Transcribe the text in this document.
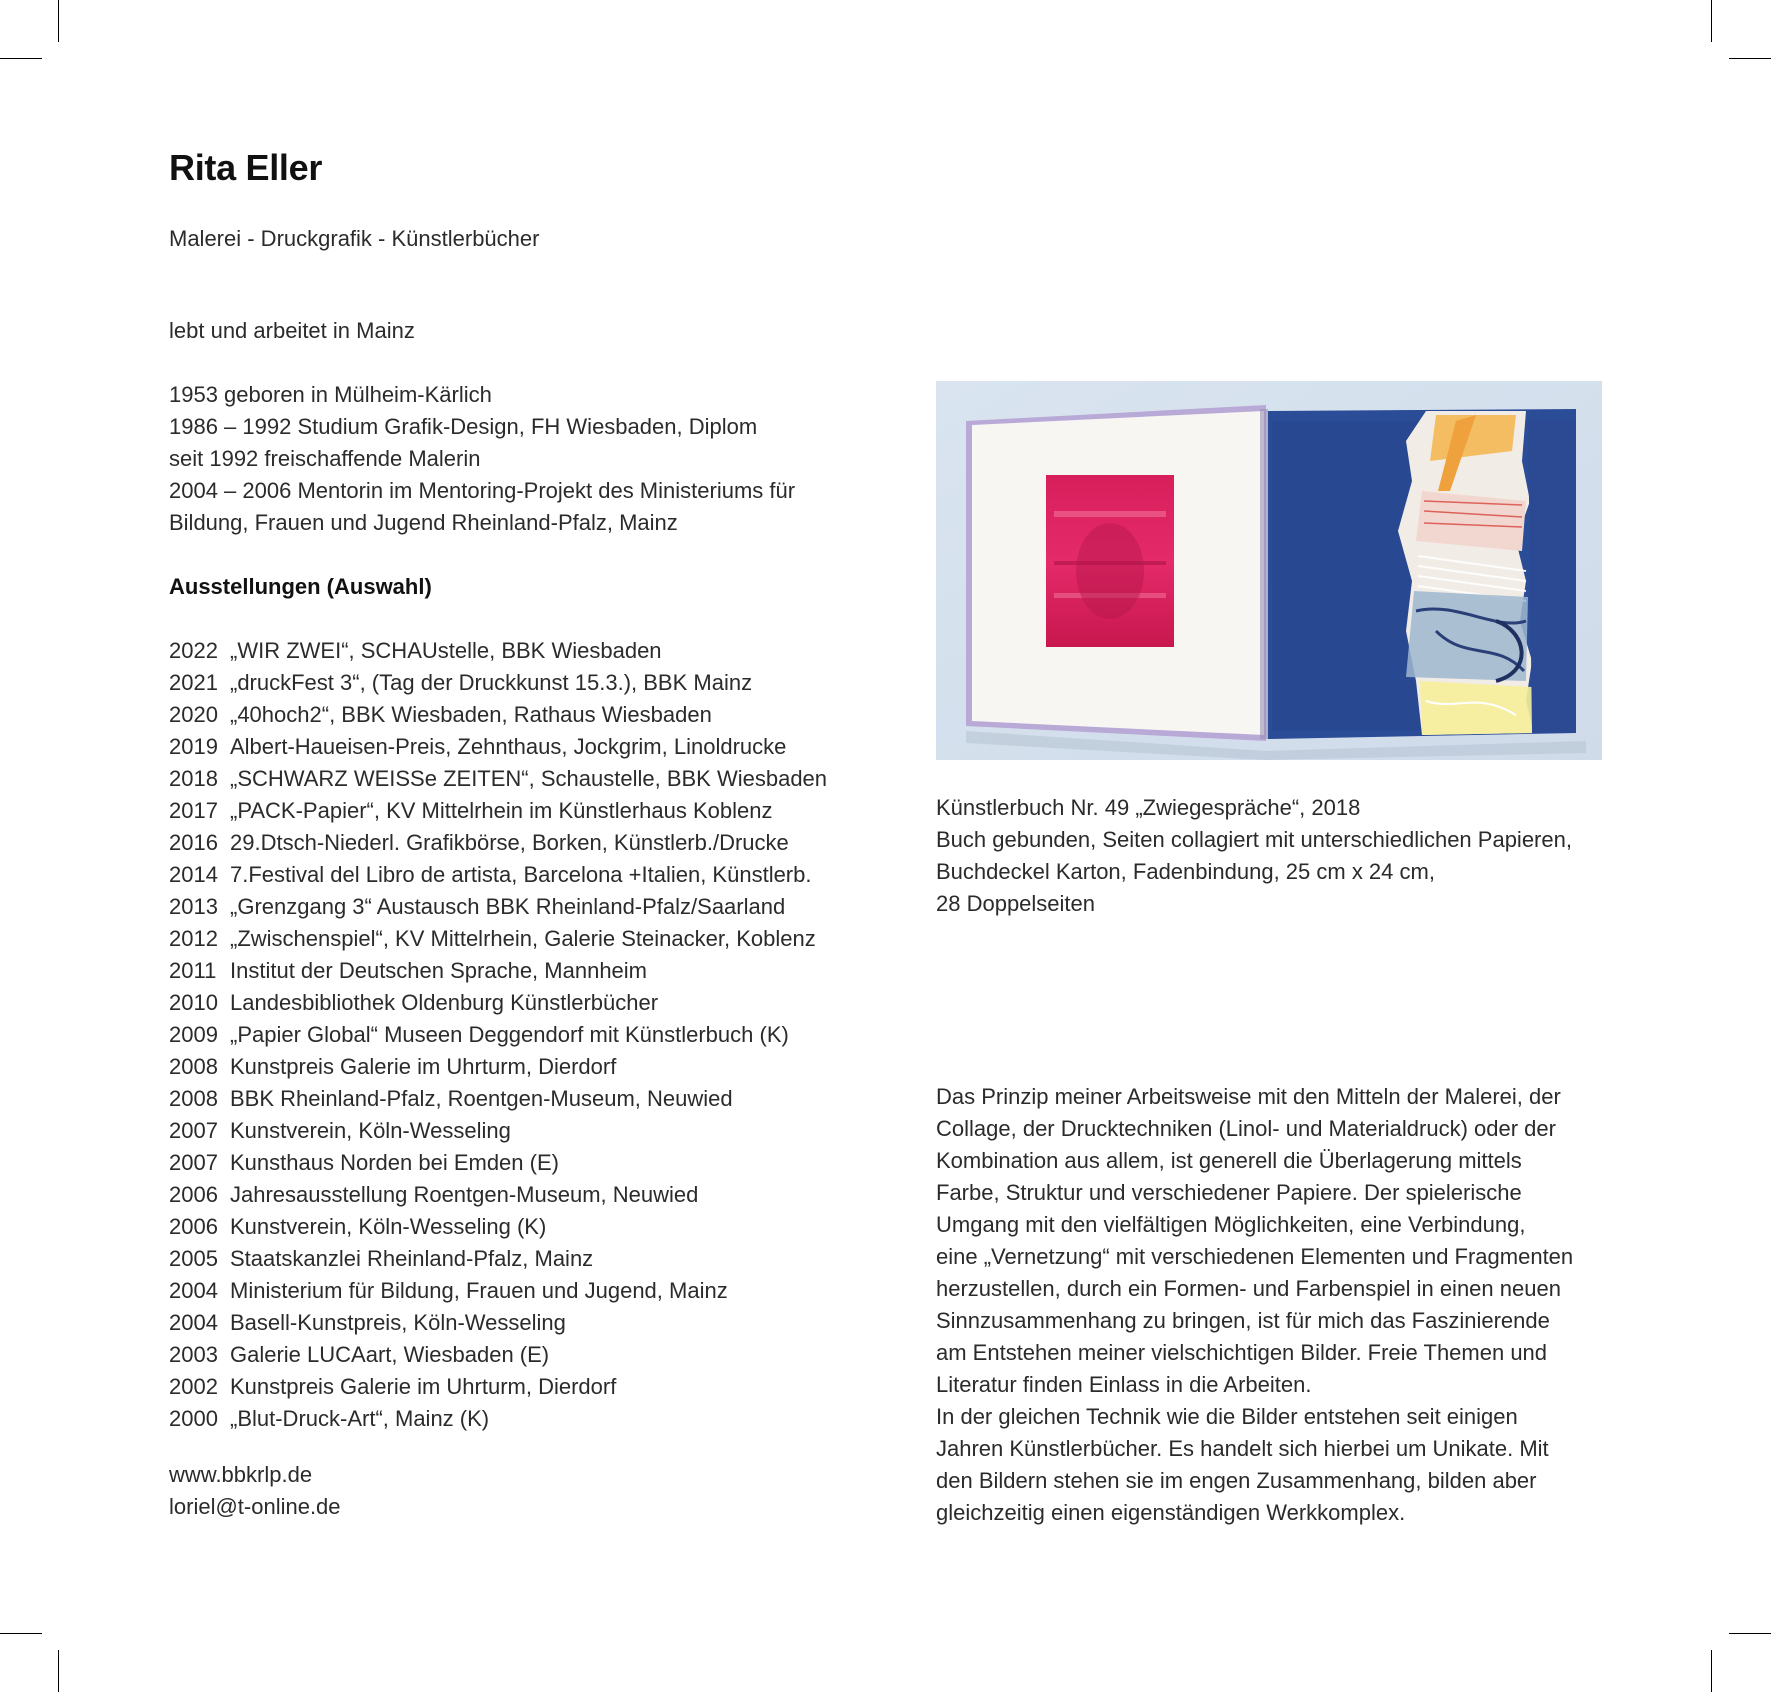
Rita Eller
Malerei - Druckgrafik - Künstlerbücher
lebt und arbeitet in Mainz
1953 geboren in Mülheim-Kärlich
1986 – 1992 Studium Grafik-Design, FH Wiesbaden, Diplom
seit 1992 freischaffende Malerin
2004 – 2006 Mentorin im Mentoring-Projekt des Ministeriums für
Bildung, Frauen und Jugend Rheinland-Pfalz, Mainz
Ausstellungen (Auswahl)
2022 „WIR ZWEI“, SCHAUstelle, BBK Wiesbaden
2021 „druckFest 3“, (Tag der Druckkunst 15.3.), BBK Mainz
2020 „40hoch2“, BBK Wiesbaden, Rathaus Wiesbaden
2019 Albert-Haueisen-Preis, Zehnthaus, Jockgrim, Linoldrucke
2018 „SCHWARZ WEISSe ZEITEN“, Schaustelle, BBK Wiesbaden
2017 „PACK-Papier“, KV Mittelrhein im Künstlerhaus Koblenz
2016 29.Dtsch-Niederl. Grafikbörse, Borken, Künstlerb./Drucke
2014 7.Festival del Libro de artista, Barcelona +Italien, Künstlerb.
2013 „Grenzgang 3“ Austausch BBK Rheinland-Pfalz/Saarland
2012 „Zwischenspiel“, KV Mittelrhein, Galerie Steinacker, Koblenz
2011 Institut der Deutschen Sprache, Mannheim
2010 Landesbibliothek Oldenburg Künstlerbücher
2009 „Papier Global“ Museen Deggendorf mit Künstlerbuch (K)
2008 Kunstpreis Galerie im Uhrturm, Dierdorf
2008 BBK Rheinland-Pfalz, Roentgen-Museum, Neuwied
2007 Kunstverein, Köln-Wesseling
2007 Kunsthaus Norden bei Emden (E)
2006 Jahresausstellung Roentgen-Museum, Neuwied
2006 Kunstverein, Köln-Wesseling (K)
2005 Staatskanzlei Rheinland-Pfalz, Mainz
2004 Ministerium für Bildung, Frauen und Jugend, Mainz
2004 Basell-Kunstpreis, Köln-Wesseling
2003 Galerie LUCAart, Wiesbaden (E)
2002 Kunstpreis Galerie im Uhrturm, Dierdorf
2000 „Blut-Druck-Art“, Mainz (K)
www.bbkrlp.de
loriel@t-online.de
Künstlerbuch Nr. 49 „Zwiegespräche“, 2018
Buch gebunden, Seiten collagiert mit unterschiedlichen Papieren,
Buchdeckel Karton, Fadenbindung, 25 cm x 24 cm,
28 Doppelseiten
Das Prinzip meiner Arbeitsweise mit den Mitteln der Malerei, der
Collage, der Drucktechniken (Linol- und Materialdruck) oder der
Kombination aus allem, ist generell die Überlagerung mittels
Farbe, Struktur und verschiedener Papiere. Der spielerische
Umgang mit den vielfältigen Möglichkeiten, eine Verbindung,
eine „Vernetzung“ mit verschiedenen Elementen und Fragmenten
herzustellen, durch ein Formen- und Farbenspiel in einen neuen
Sinnzusammenhang zu bringen, ist für mich das Faszinierende
am Entstehen meiner vielschichtigen Bilder. Freie Themen und
Literatur finden Einlass in die Arbeiten.
In der gleichen Technik wie die Bilder entstehen seit einigen
Jahren Künstlerbücher. Es handelt sich hierbei um Unikate. Mit
den Bildern stehen sie im engen Zusammenhang, bilden aber
gleichzeitig einen eigenständigen Werkkomplex.
